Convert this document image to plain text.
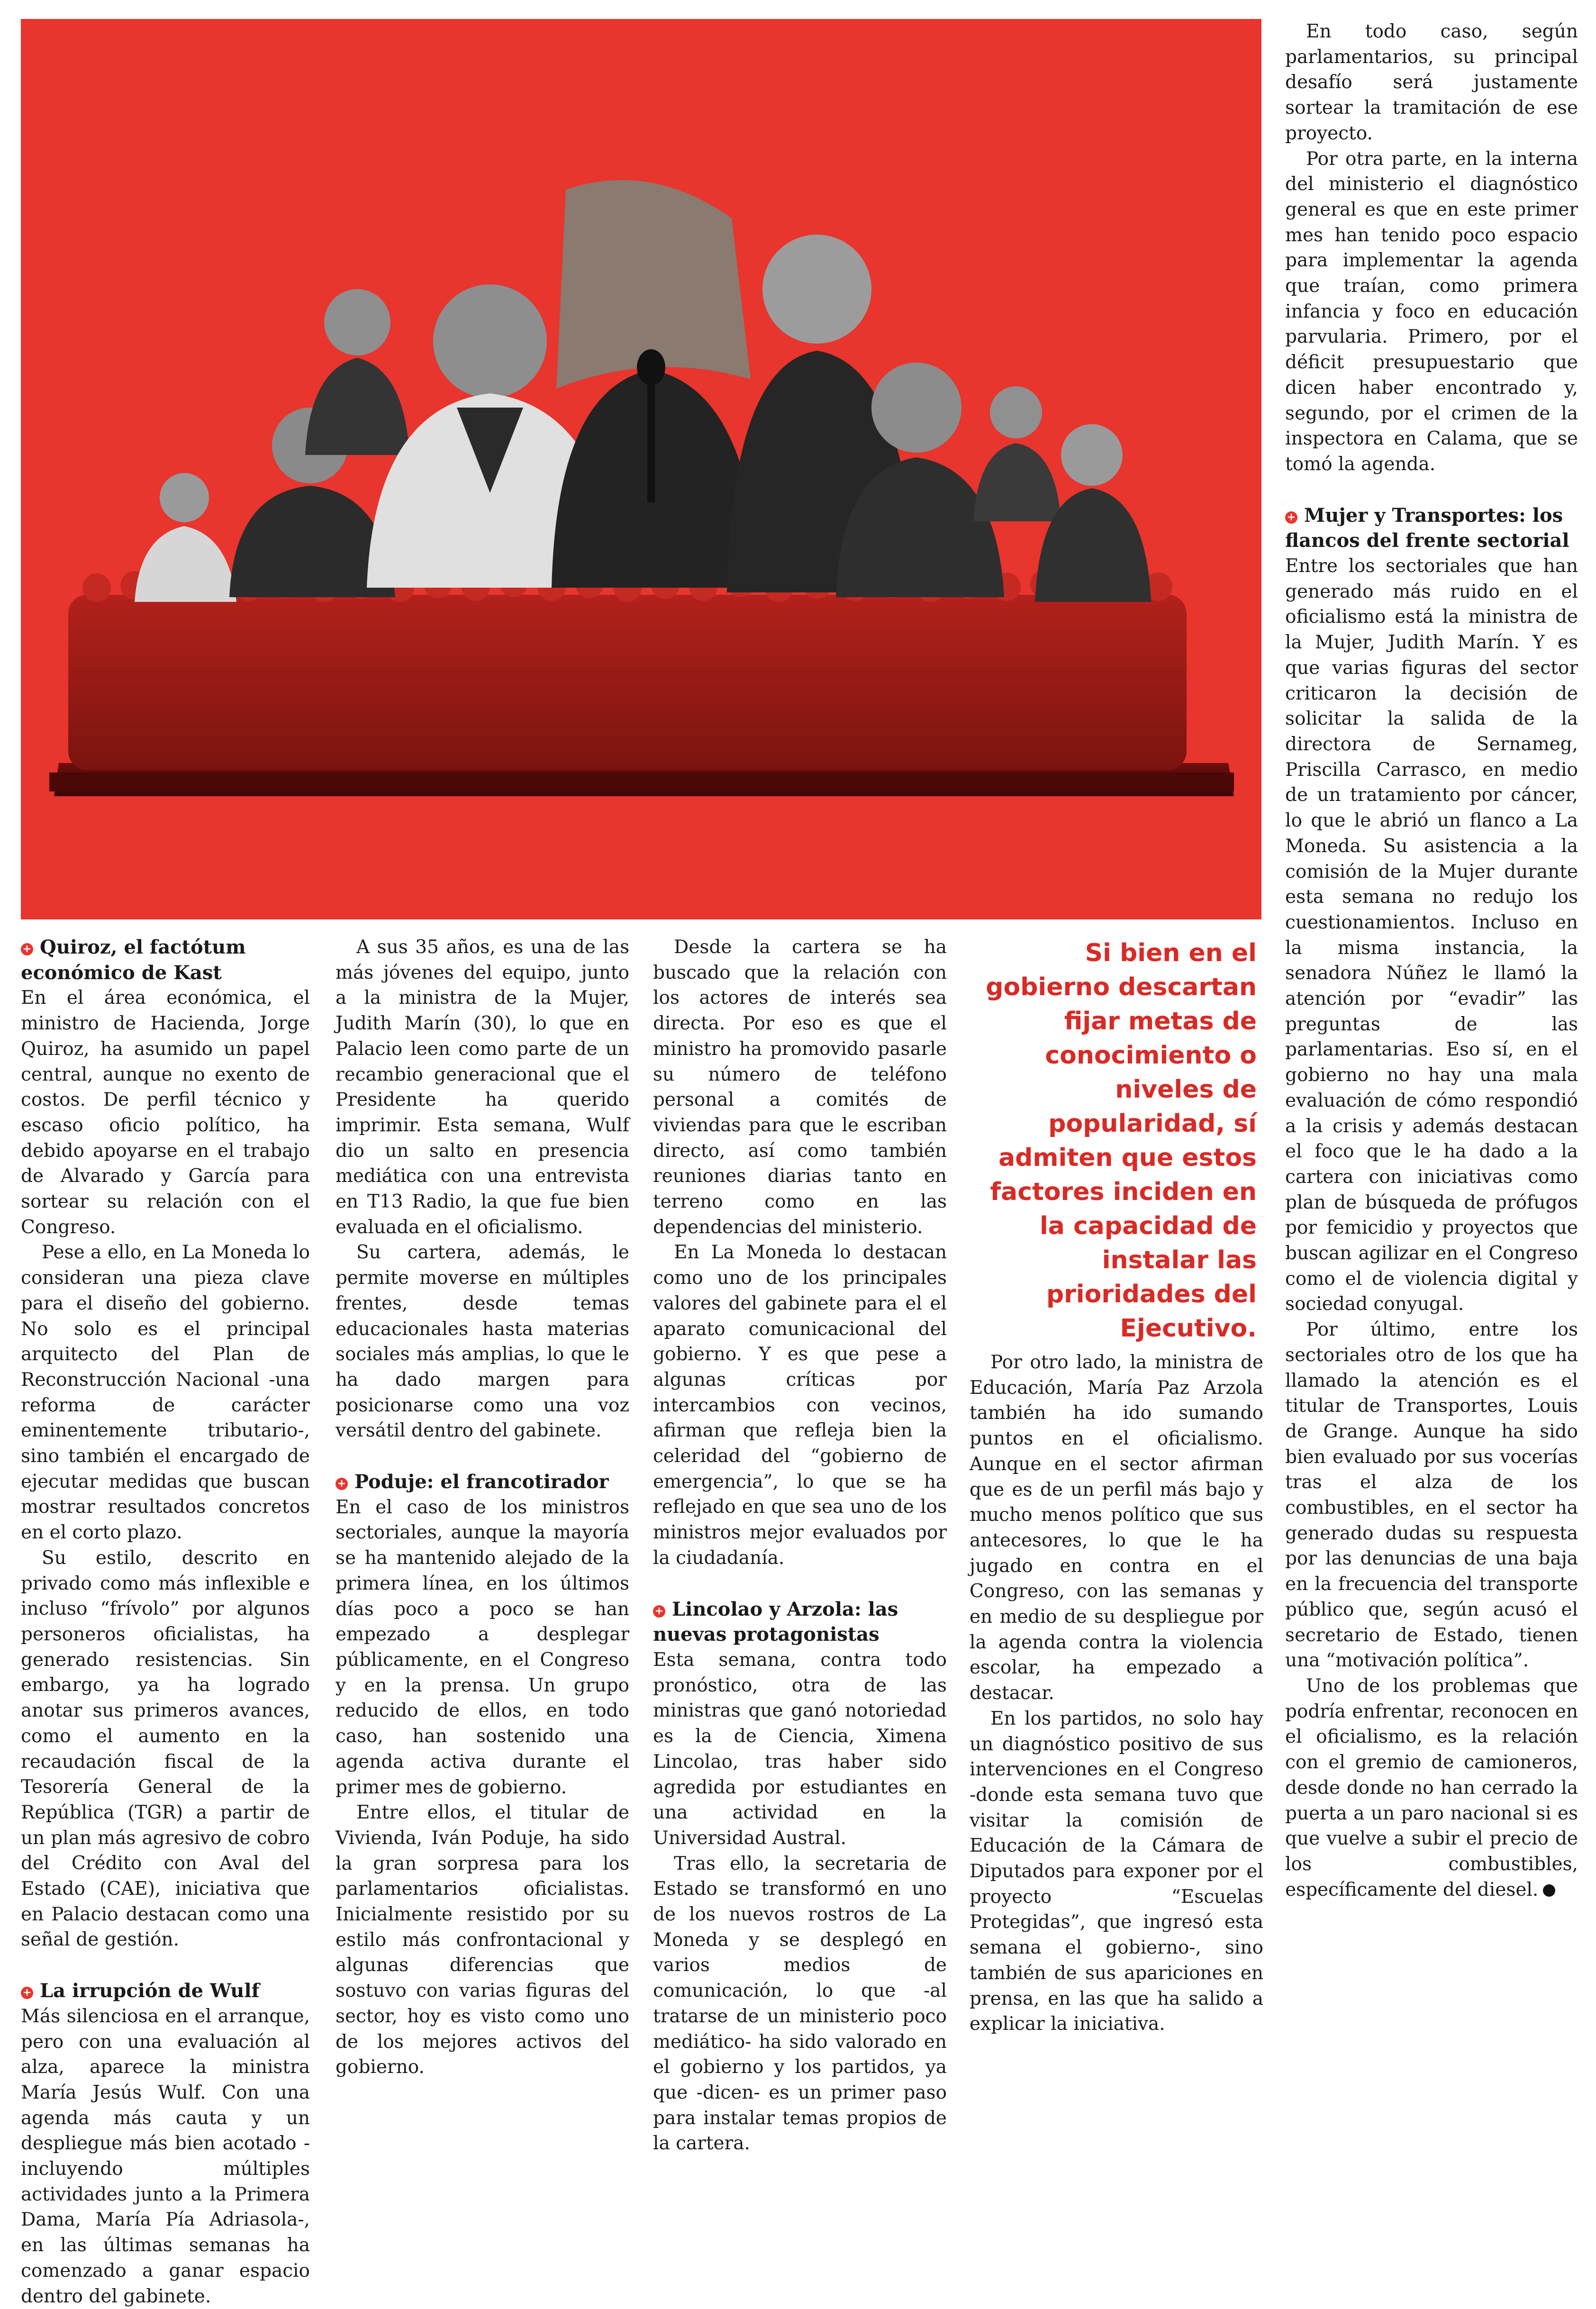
+ Quiroz, el factótum económico de Kast

En el área económica, el ministro de Hacienda, Jorge Quiroz, ha asumido un papel central, aunque no exento de costos. De perfil técnico y escaso oficio político, ha debido apoyarse en el trabajo de Alvarado y García para sortear su relación con el Congreso.

Pese a ello, en La Moneda lo consideran una pieza clave para el diseño del gobierno. No solo es el principal arquitecto del Plan de Reconstrucción Nacional -una reforma de carácter eminentemente tributario-, sino también el encargado de ejecutar medidas que buscan mostrar resultados concretos en el corto plazo.

Su estilo, descrito en privado como más inflexible e incluso “frívolo” por algunos personeros oficialistas, ha generado resistencias. Sin embargo, ya ha logrado anotar sus primeros avances, como el aumento en la recaudación fiscal de la Tesorería General de la República (TGR) a partir de un plan más agresivo de cobro del Crédito con Aval del Estado (CAE), iniciativa que en Palacio destacan como una señal de gestión.

+ La irrupción de Wulf

Más silenciosa en el arranque, pero con una evaluación al alza, aparece la ministra María Jesús Wulf. Con una agenda más cauta y un despliegue más bien acotado -incluyendo múltiples actividades junto a la Primera Dama, María Pía Adriasola-, en las últimas semanas ha comenzado a ganar espacio dentro del gabinete.

A sus 35 años, es una de las más jóvenes del equipo, junto a la ministra de la Mujer, Judith Marín (30), lo que en Palacio leen como parte de un recambio generacional que el Presidente ha querido imprimir. Esta semana, Wulf dio un salto en presencia mediática con una entrevista en T13 Radio, la que fue bien evaluada en el oficialismo.

Su cartera, además, le permite moverse en múltiples frentes, desde temas educacionales hasta materias sociales más amplias, lo que le ha dado margen para posicionarse como una voz versátil dentro del gabinete.

+ Poduje: el francotirador

En el caso de los ministros sectoriales, aunque la mayoría se ha mantenido alejado de la primera línea, en los últimos días poco a poco se han empezado a desplegar públicamente, en el Congreso y en la prensa. Un grupo reducido de ellos, en todo caso, han sostenido una agenda activa durante el primer mes de gobierno.

Entre ellos, el titular de Vivienda, Iván Poduje, ha sido la gran sorpresa para los parlamentarios oficialistas. Inicialmente resistido por su estilo más confrontacional y algunas diferencias que sostuvo con varias figuras del sector, hoy es visto como uno de los mejores activos del gobierno.

Desde la cartera se ha buscado que la relación con los actores de interés sea directa. Por eso es que el ministro ha promovido pasarle su número de teléfono personal a comités de viviendas para que le escriban directo, así como también reuniones diarias tanto en terreno como en las dependencias del ministerio.

En La Moneda lo destacan como uno de los principales valores del gabinete para el el aparato comunicacional del gobierno. Y es que pese a algunas críticas por intercambios con vecinos, afirman que refleja bien la celeridad del “gobierno de emergencia”, lo que se ha reflejado en que sea uno de los ministros mejor evaluados por la ciudadanía.

+ Lincolao y Arzola: las nuevas protagonistas

Esta semana, contra todo pronóstico, otra de las ministras que ganó notoriedad es la de Ciencia, Ximena Lincolao, tras haber sido agredida por estudiantes en una actividad en la Universidad Austral.

Tras ello, la secretaria de Estado se transformó en uno de los nuevos rostros de La Moneda y se desplegó en varios medios de comunicación, lo que -al tratarse de un ministerio poco mediático- ha sido valorado en el gobierno y los partidos, ya que -dicen- es un primer paso para instalar temas propios de la cartera.

Si bien en el gobierno descartan fijar metas de conocimiento o niveles de popularidad, sí admiten que estos factores inciden en la capacidad de instalar las prioridades del Ejecutivo.

Por otro lado, la ministra de Educación, María Paz Arzola también ha ido sumando puntos en el oficialismo. Aunque en el sector afirman que es de un perfil más bajo y mucho menos político que sus antecesores, lo que le ha jugado en contra en el Congreso, con las semanas y en medio de su despliegue por la agenda contra la violencia escolar, ha empezado a destacar.

En los partidos, no solo hay un diagnóstico positivo de sus intervenciones en el Congreso -donde esta semana tuvo que visitar la comisión de Educación de la Cámara de Diputados para exponer por el proyecto “Escuelas Protegidas”, que ingresó esta semana el gobierno-, sino también de sus apariciones en prensa, en las que ha salido a explicar la iniciativa.

En todo caso, según parlamentarios, su principal desafío será justamente sortear la tramitación de ese proyecto.

Por otra parte, en la interna del ministerio el diagnóstico general es que en este primer mes han tenido poco espacio para implementar la agenda que traían, como primera infancia y foco en educación parvularia. Primero, por el déficit presupuestario que dicen haber encontrado y, segundo, por el crimen de la inspectora en Calama, que se tomó la agenda.

+ Mujer y Transportes: los flancos del frente sectorial

Entre los sectoriales que han generado más ruido en el oficialismo está la ministra de la Mujer, Judith Marín. Y es que varias figuras del sector criticaron la decisión de solicitar la salida de la directora de Sernameg, Priscilla Carrasco, en medio de un tratamiento por cáncer, lo que le abrió un flanco a La Moneda. Su asistencia a la comisión de la Mujer durante esta semana no redujo los cuestionamientos. Incluso en la misma instancia, la senadora Núñez le llamó la atención por “evadir” las preguntas de las parlamentarias. Eso sí, en el gobierno no hay una mala evaluación de cómo respondió a la crisis y además destacan el foco que le ha dado a la cartera con iniciativas como plan de búsqueda de prófugos por femicidio y proyectos que buscan agilizar en el Congreso como el de violencia digital y sociedad conyugal.

Por último, entre los sectoriales otro de los que ha llamado la atención es el titular de Transportes, Louis de Grange. Aunque ha sido bien evaluado por sus vocerías tras el alza de los combustibles, en el sector ha generado dudas su respuesta por las denuncias de una baja en la frecuencia del transporte público que, según acusó el secretario de Estado, tienen una “motivación política”.

Uno de los problemas que podría enfrentar, reconocen en el oficialismo, es la relación con el gremio de camioneros, desde donde no han cerrado la puerta a un paro nacional si es que vuelve a subir el precio de los combustibles, específicamente del diesel.
